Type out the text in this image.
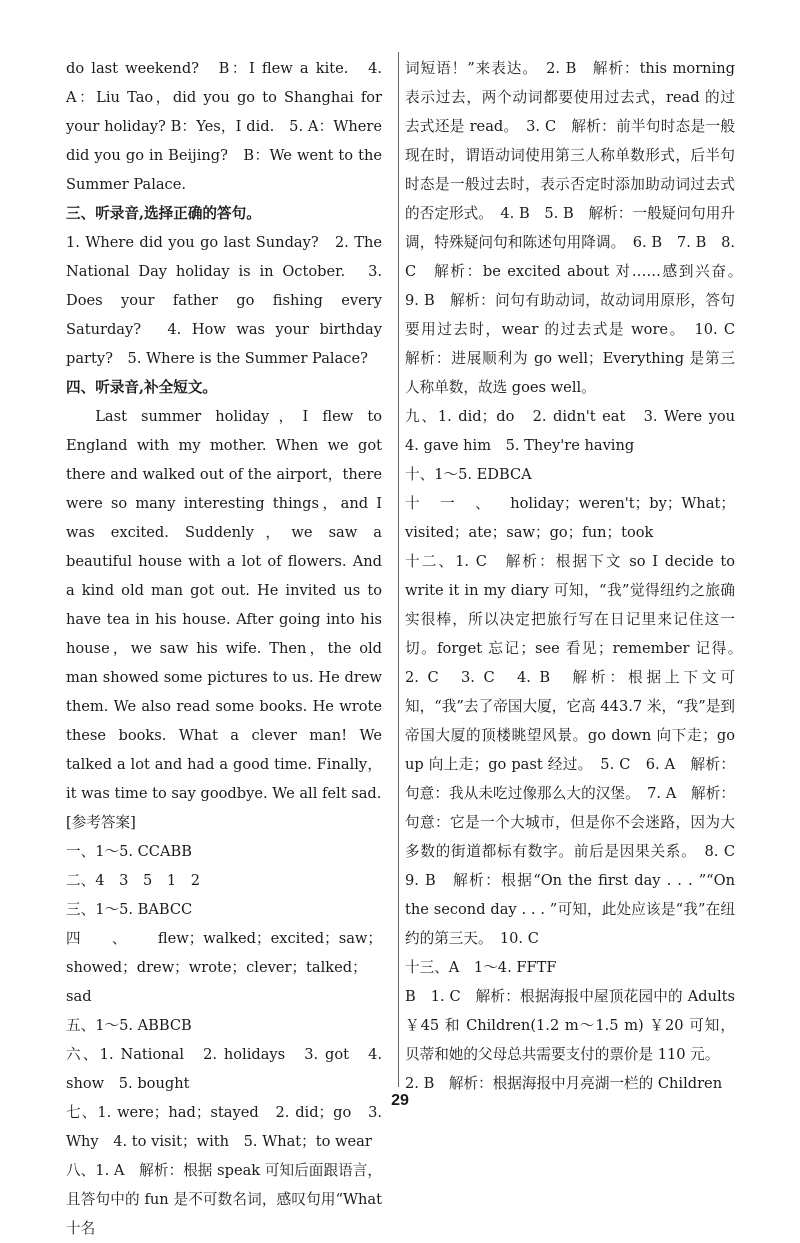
do last weekend?　B：I flew a kite.　4. A：Liu Tao，did you go to Shanghai for your holiday? B：Yes，I did.　5. A：Where did you go in Beijing?　B：We went to the Summer Palace.

三、听录音,选择正确的答句。

1. Where did you go last Sunday?　2. The National Day holiday is in October.　3. Does your father go fishing every Saturday?　4. How was your birthday party?　5. Where is the Summer Palace?

四、听录音,补全短文。

Last summer holiday，I flew to England with my mother. When we got there and walked out of the airport，there were so many interesting things，and I was excited. Suddenly，we saw a beautiful house with a lot of flowers. And a kind old man got out. He invited us to have tea in his house. After going into his house，we saw his wife. Then，the old man showed some pictures to us. He drew them. We also read some books. He wrote these books. What a clever man! We talked a lot and had a good time. Finally，it was time to say goodbye. We all felt sad.

[参考答案]

一、1～5. CCABB

二、4　3　5　1　2

三、1～5. BABCC

四、flew；walked；excited；saw；showed；drew；wrote；clever；talked；sad

五、1～5. ABBCB

六、1. National　2. holidays　3. got　4. show　5. bought

七、1. were；had；stayed　2. did；go　3. Why　4. to visit；with　5. What；to wear

八、1. A　解析：根据 speak 可知后面跟语言，且答句中的 fun 是不可数名词，感叹句用“What 十名

词短语！”来表达。　2. B　解析：this morning 表示过去，两个动词都要使用过去式，read 的过去式还是 read。　3. C　解析：前半句时态是一般现在时，谓语动词使用第三人称单数形式，后半句时态是一般过去时，表示否定时添加助动词过去式的否定形式。　4. B　5. B　解析：一般疑问句用升调，特殊疑问句和陈述句用降调。　6. B　7. B　8. C　解析：be excited about 对……感到兴奋。　9. B　解析：问句有助动词，故动词用原形，答句要用过去时，wear 的过去式是 wore。　10. C　解析：进展顺利为 go well；Everything 是第三人称单数，故选 goes well。

九、1. did；do　2. didn't eat　3. Were you　4. gave him　5. They're having

十、1～5. EDBCA

十一、holiday；weren't；by；What；visited；ate；saw；go；fun；took

十二、1. C　解析：根据下文 so I decide to write it in my diary 可知，“我”觉得纽约之旅确实很棒，所以决定把旅行写在日记里来记住这一切。forget 忘记；see 看见；remember 记得。　2. C　3. C　4. B　解析：根据上下文可知，“我”去了帝国大厦，它高 443.7 米，“我”是到帝国大厦的顶楼眺望风景。go down 向下走；go up 向上走；go past 经过。　5. C　6. A　解析：句意：我从未吃过像那么大的汉堡。　7. A　解析：句意：它是一个大城市，但是你不会迷路，因为大多数的街道都标有数字。前后是因果关系。　8. C　9. B　解析：根据“On the first day . . . ”“On the second day . . . ”可知，此处应该是“我”在纽约的第三天。　10. C

十三、A　1～4. FFTF

B　1. C　解析：根据海报中屋顶花园中的 Adults ￥45 和 Children(1.2 m～1.5 m) ￥20 可知，贝蒂和她的父母总共需要支付的票价是 110 元。

2. B　解析：根据海报中月亮湖一栏的 Children

29
